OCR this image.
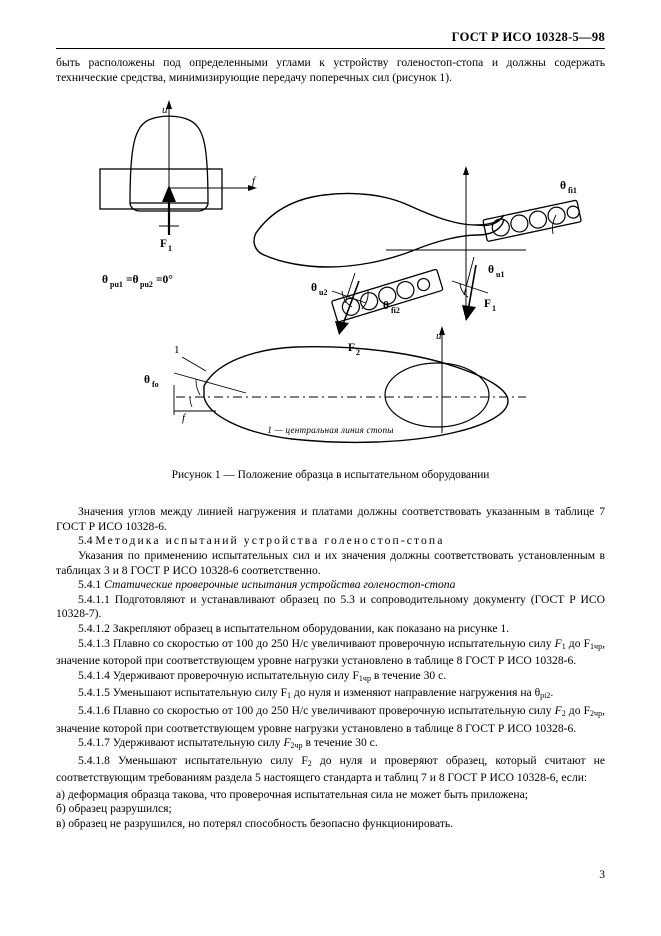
ГОСТ Р ИСО 10328-5—98

быть расположены под определенными углами к устройству голеностоп-стопа и должны содержать технические средства, минимизирующие передачу поперечных сил (рисунок 1).

u
f
F 1
θ pu1 =θ pu2 =0°
θ u2
θ fi2
F 2
θ fi1
θ u1
F 1
u
1
θ fo
f
1 — центральная линия стопы
Рисунок 1 — Положение образца в испытательном оборудовании

Значения углов между линией нагружения и платами должны соответствовать указанным в таблице 7 ГОСТ Р ИСО 10328-6.

5.4 Методика испытаний устройства голеностоп-стопа

Указания по применению испытательных сил и их значения должны соответствовать установленным в таблицах 3 и 8 ГОСТ Р ИСО 10328-6 соответственно.

5.4.1 Статические проверочные испытания устройства голеностоп-стопа

5.4.1.1 Подготовляют и устанавливают образец по 5.3 и сопроводительному документу (ГОСТ Р ИСО 10328-7).

5.4.1.2 Закрепляют образец в испытательном оборудовании, как показано на рисунке 1.

5.4.1.3 Плавно со скоростью от 100 до 250 Н/с увеличивают проверочную испытательную силу $F_1$ до $F_{1чр}$, значение которой при соответствующем уровне нагрузки установлено в таблице 8 ГОСТ Р ИСО 10328-6.

5.4.1.4 Удерживают проверочную испытательную силу $F_{1чр}$ в течение 30 с.

5.4.1.5 Уменьшают испытательную силу $F_1$ до нуля и изменяют направление нагружения на $\theta_{рi2}$.

5.4.1.6 Плавно со скоростью от 100 до 250 Н/с увеличивают проверочную испытательную силу $F_2$ до $F_{2чр}$, значение которой при соответствующем уровне нагрузки установлено в таблице 8 ГОСТ Р ИСО 10328-6.

5.4.1.7 Удерживают испытательную силу $F_{2чр}$ в течение 30 с.

5.4.1.8 Уменьшают испытательную силу $F_2$ до нуля и проверяют образец, который считают не соответствующим требованиям раздела 5 настоящего стандарта и таблиц 7 и 8 ГОСТ Р ИСО 10328-6, если:

а) деформация образца такова, что проверочная испытательная сила не может быть приложена;

б) образец разрушился;

в) образец не разрушился, но потерял способность безопасно функционировать.

3
